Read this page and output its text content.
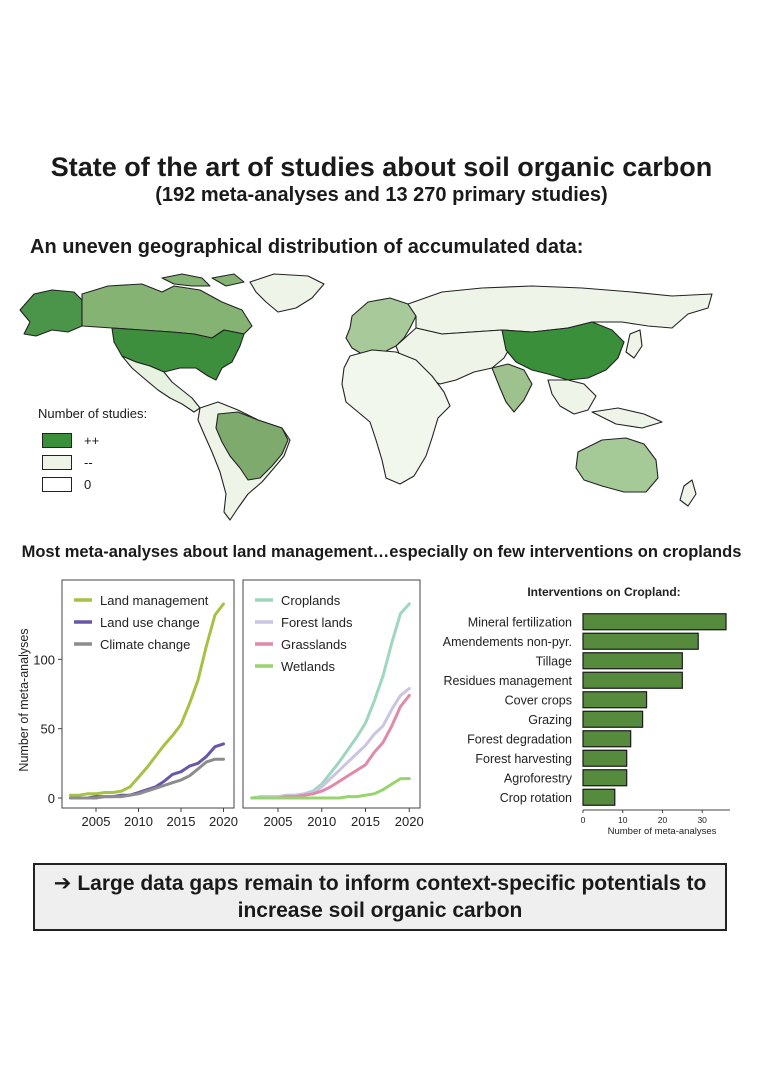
State of the art of studies about soil organic carbon
(192 meta-analyses and 13 270 primary studies)
An uneven geographical distribution of accumulated data:
Number of studies:
++
--
0
Most meta-analyses about land management…especially on few interventions on croplands
2005 2010 2015 2020
0
50
100
Number of meta-analyses
Land management
Land use change
Climate change
2005 2010 2015 2020
Croplands
Forest lands
Grasslands
Wetlands
Interventions on Cropland:
Mineral fertilization
Amendements non-pyr.
Tillage
Residues management
Cover crops
Grazing
Forest degradation
Forest harvesting
Agroforestry
Crop rotation
0	10	20	30
Number of meta-analyses
➔ Large data gaps remain to inform context-specific potentials to increase soil organic carbon
